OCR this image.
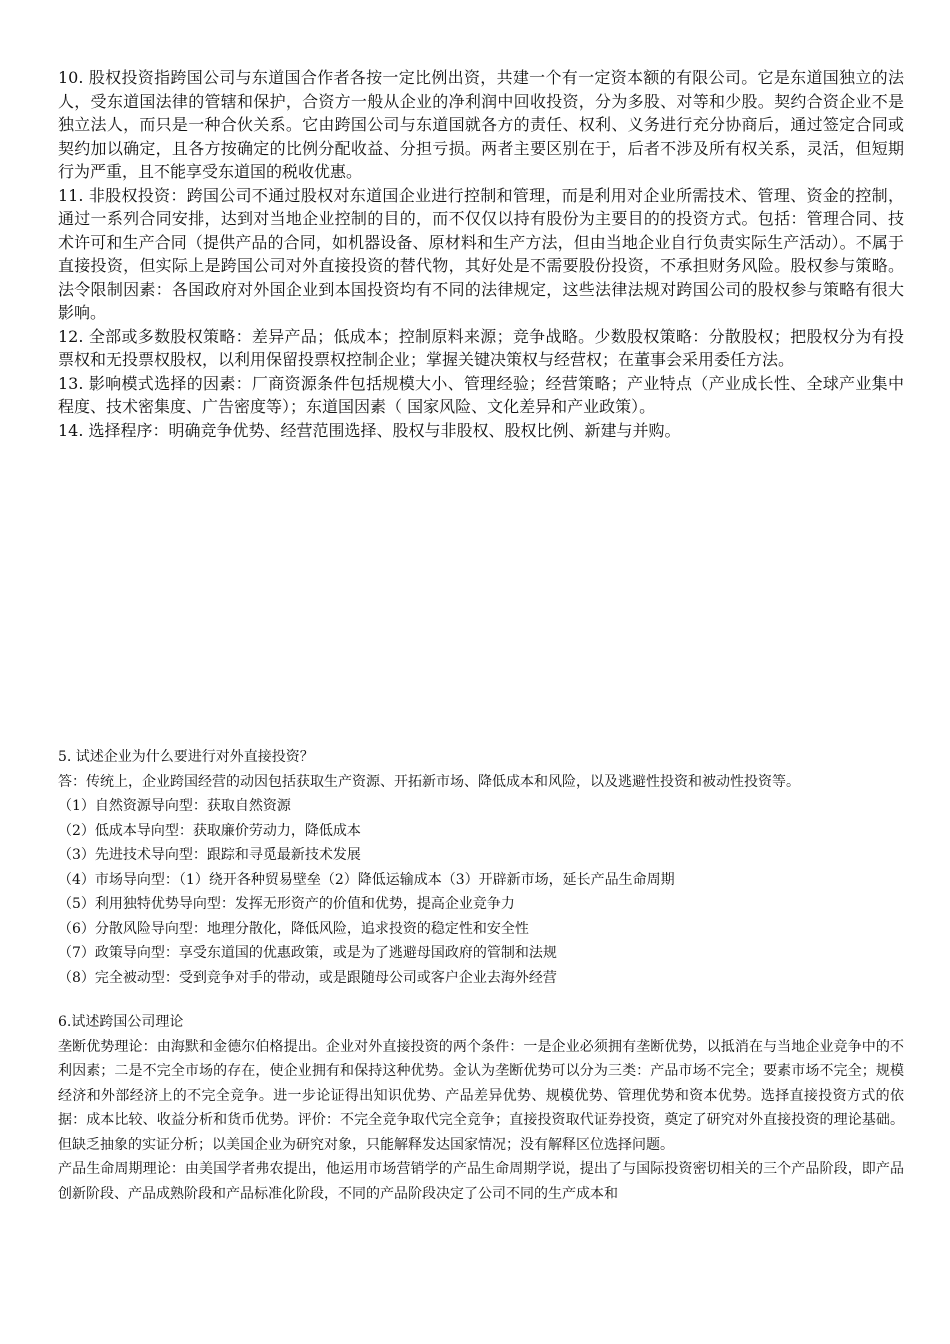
10. 股权投资指跨国公司与东道国合作者各按一定比例出资，共建一个有一定资本额的有限公司。它是东道国独立的法人，受东道国法律的管辖和保护，合资方一般从企业的净利润中回收投资，分为多股、对等和少股。契约合资企业不是独立法人，而只是一种合伙关系。它由跨国公司与东道国就各方的责任、权利、义务进行充分协商后，通过签定合同或契约加以确定，且各方按确定的比例分配收益、分担亏损。两者主要区别在于，后者不涉及所有权关系，灵活，但短期行为严重，且不能享受东道国的税收优惠。

11. 非股权投资：跨国公司不通过股权对东道国企业进行控制和管理，而是利用对企业所需技术、管理、资金的控制，通过一系列合同安排，达到对当地企业控制的目的，而不仅仅以持有股份为主要目的的投资方式。包括：管理合同、技术许可和生产合同（提供产品的合同，如机器设备、原材料和生产方法，但由当地企业自行负责实际生产活动）。不属于直接投资，但实际上是跨国公司对外直接投资的替代物，其好处是不需要股份投资，不承担财务风险。股权参与策略。法令限制因素：各国政府对外国企业到本国投资均有不同的法律规定，这些法律法规对跨国公司的股权参与策略有很大影响。

12. 全部或多数股权策略：差异产品；低成本；控制原料来源；竞争战略。少数股权策略：分散股权；把股权分为有投票权和无投票权股权，以利用保留投票权控制企业；掌握关键决策权与经营权；在董事会采用委任方法。

13. 影响模式选择的因素：厂商资源条件包括规模大小、管理经验；经营策略；产业特点（产业成长性、全球产业集中程度、技术密集度、广告密度等）；东道国因素（ 国家风险、文化差异和产业政策）。

14. 选择程序：明确竞争优势、经营范围选择、股权与非股权、股权比例、新建与并购。

5. 试述企业为什么要进行对外直接投资？

答：传统上，企业跨国经营的动因包括获取生产资源、开拓新市场、降低成本和风险，以及逃避性投资和被动性投资等。

（1）自然资源导向型：获取自然资源

（2）低成本导向型：获取廉价劳动力，降低成本

（3）先进技术导向型：跟踪和寻觅最新技术发展

（4）市场导向型：（1）绕开各种贸易壁垒（2）降低运输成本（3）开辟新市场，延长产品生命周期

（5）利用独特优势导向型：发挥无形资产的价值和优势，提高企业竞争力

（6）分散风险导向型：地理分散化，降低风险，追求投资的稳定性和安全性

（7）政策导向型：享受东道国的优惠政策，或是为了逃避母国政府的管制和法规

（8）完全被动型：受到竞争对手的带动，或是跟随母公司或客户企业去海外经营

6.试述跨国公司理论

垄断优势理论：由海默和金德尔伯格提出。企业对外直接投资的两个条件：一是企业必须拥有垄断优势，以抵消在与当地企业竞争中的不利因素；二是不完全市场的存在，使企业拥有和保持这种优势。金认为垄断优势可以分为三类：产品市场不完全；要素市场不完全；规模经济和外部经济上的不完全竞争。进一步论证得出知识优势、产品差异优势、规模优势、管理优势和资本优势。选择直接投资方式的依据：成本比较、收益分析和货币优势。评价：不完全竞争取代完全竞争；直接投资取代证券投资，奠定了研究对外直接投资的理论基础。 但缺乏抽象的实证分析；以美国企业为研究对象，只能解释发达国家情况；没有解释区位选择问题。

产品生命周期理论：由美国学者弗农提出，他运用市场营销学的产品生命周期学说，提出了与国际投资密切相关的三个产品阶段，即产品创新阶段、产品成熟阶段和产品标准化阶段，不同的产品阶段决定了公司不同的生产成本和
